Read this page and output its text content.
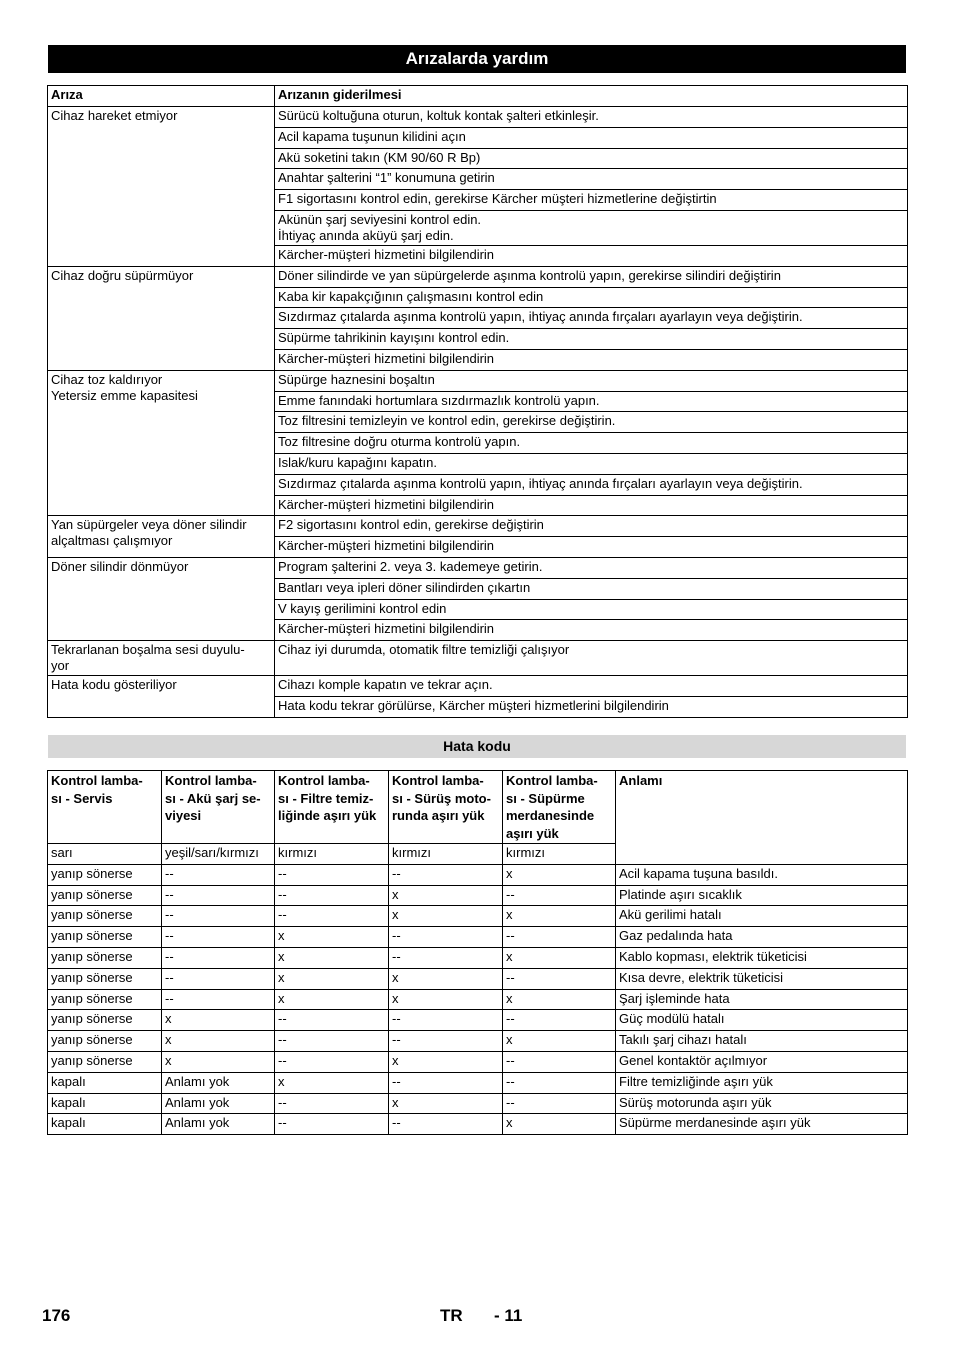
Arızalarda yardım
Arıza	Arızanın giderilmesi
Cihaz hareket etmiyor	Sürücü koltuğuna oturun, koltuk kontak şalteri etkinleşir.
	Acil kapama tuşunun kilidini açın
	Akü soketini takın (KM 90/60 R Bp)
	Anahtar şalterini “1” konumuna getirin
	F1 sigortasını kontrol edin, gerekirse Kärcher müşteri hizmetlerine değiştirtin
	Akünün şarj seviyesini kontrol edin.
İhtiyaç anında aküyü şarj edin.
	Kärcher-müşteri hizmetini bilgilendirin
Cihaz doğru süpürmüyor	Döner silindirde ve yan süpürgelerde aşınma kontrolü yapın, gerekirse silindiri değiştirin
	Kaba kir kapakçığının çalışmasını kontrol edin
	Sızdırmaz çıtalarda aşınma kontrolü yapın, ihtiyaç anında fırçaları ayarlayın veya değiştirin.
	Süpürme tahrikinin kayışını kontrol edin.
	Kärcher-müşteri hizmetini bilgilendirin
Cihaz toz kaldırıyor
Yetersiz emme kapasitesi	Süpürge haznesini boşaltın
	Emme fanındaki hortumlara sızdırmazlık kontrolü yapın.
	Toz filtresini temizleyin ve kontrol edin, gerekirse değiştirin.
	Toz filtresine doğru oturma kontrolü yapın.
	Islak/kuru kapağını kapatın.
	Sızdırmaz çıtalarda aşınma kontrolü yapın, ihtiyaç anında fırçaları ayarlayın veya değiştirin.
	Kärcher-müşteri hizmetini bilgilendirin
Yan süpürgeler veya döner silindir alçaltması çalışmıyor	F2 sigortasını kontrol edin, gerekirse değiştirin
	Kärcher-müşteri hizmetini bilgilendirin
Döner silindir dönmüyor	Program şalterini 2. veya 3. kademeye getirin.
	Bantları veya ipleri döner silindirden çıkartın
	V kayış gerilimini kontrol edin
	Kärcher-müşteri hizmetini bilgilendirin
Tekrarlanan boşalma sesi duyulu-
yor	Cihaz iyi durumda, otomatik filtre temizliği çalışıyor
Hata kodu gösteriliyor	Cihazı komple kapatın ve tekrar açın.
	Hata kodu tekrar görülürse, Kärcher müşteri hizmetlerini bilgilendirin
Hata kodu
Kontrol lamba-
sı - Servis	Kontrol lamba-
sı - Akü şarj se-
viyesi	Kontrol lamba-
sı - Filtre temiz-
liğinde aşırı yük	Kontrol lamba-
sı - Sürüş moto-
runda aşırı yük	Kontrol lamba-
sı - Süpürme
merdanesinde
aşırı yük	Anlamı
sarı	yeşil/sarı/kırmızı	kırmızı	kırmızı	kırmızı	
yanıp sönerse	--	--	--	x	Acil kapama tuşuna basıldı.
yanıp sönerse	--	--	x	--	Platinde aşırı sıcaklık
yanıp sönerse	--	--	x	x	Akü gerilimi hatalı
yanıp sönerse	--	x	--	--	Gaz pedalında hata
yanıp sönerse	--	x	--	x	Kablo kopması, elektrik tüketicisi
yanıp sönerse	--	x	x	--	Kısa devre, elektrik tüketicisi
yanıp sönerse	--	x	x	x	Şarj işleminde hata
yanıp sönerse	x	--	--	--	Güç modülü hatalı
yanıp sönerse	x	--	--	x	Takılı şarj cihazı hatalı
yanıp sönerse	x	--	x	--	Genel kontaktör açılmıyor
kapalı	Anlamı yok	x	--	--	Filtre temizliğinde aşırı yük
kapalı	Anlamı yok	--	x	--	Sürüş motorunda aşırı yük
kapalı	Anlamı yok	--	--	x	Süpürme merdanesinde aşırı yük
176	TR - 11
